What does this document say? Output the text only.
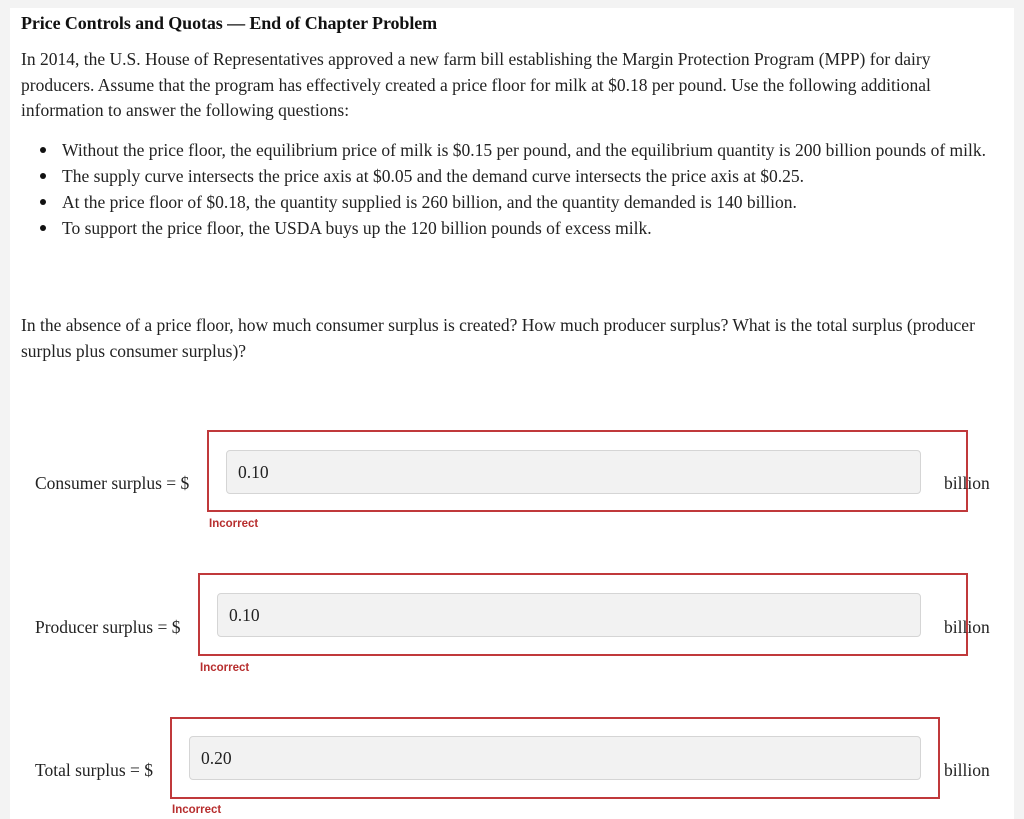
Price Controls and Quotas — End of Chapter Problem
In 2014, the U.S. House of Representatives approved a new farm bill establishing the Margin Protection Program (MPP) for dairy producers. Assume that the program has effectively created a price floor for milk at $0.18 per pound. Use the following additional information to answer the following questions:
Without the price floor, the equilibrium price of milk is $0.15 per pound, and the equilibrium quantity is 200 billion pounds of milk.
The supply curve intersects the price axis at $0.05 and the demand curve intersects the price axis at $0.25.
At the price floor of $0.18, the quantity supplied is 260 billion, and the quantity demanded is 140 billion.
To support the price floor, the USDA buys up the 120 billion pounds of excess milk.
In the absence of a price floor, how much consumer surplus is created? How much producer surplus? What is the total surplus (producer surplus plus consumer surplus)?
Consumer surplus = $
0.10
billion
Incorrect
Producer surplus = $
0.10
billion
Incorrect
Total surplus = $
0.20
billion
Incorrect
